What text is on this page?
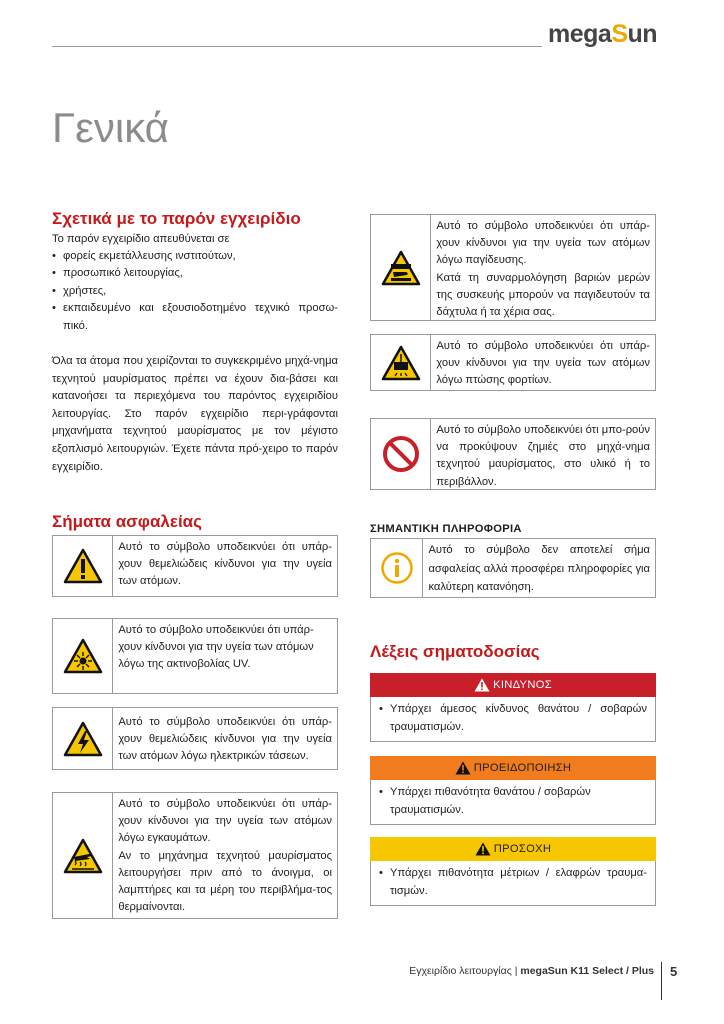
megaSun
Γενικά
Σχετικά με το παρόν εγχειρίδιο
Το παρόν εγχειρίδιο απευθύνεται σε
• φορείς εκμετάλλευσης ινστιτούτων,
• προσωπικό λειτουργίας,
• χρήστες,
• εκπαιδευμένο και εξουσιοδοτημένο τεχνικό προσω-πικό.
Όλα τα άτομα που χειρίζονται το συγκεκριμένο μηχά-νημα τεχνητού μαυρίσματος πρέπει να έχουν δια-βάσει και κατανοήσει τα περιεχόμενα του παρόντος εγχειριδίου λειτουργίας. Στο παρόν εγχειρίδιο περι-γράφονται μηχανήματα τεχνητού μαυρίσματος με τον μέγιστο εξοπλισμό λειτουργιών. Έχετε πάντα πρό-χειρο το παρόν εγχειρίδιο.
Σήματα ασφαλείας
Αυτό το σύμβολο υποδεικνύει ότι υπάρ-χουν θεμελιώδεις κίνδυνοι για την υγεία των ατόμων.
Αυτό το σύμβολο υποδεικνύει ότι υπάρ-χουν κίνδυνοι για την υγεία των ατόμων λόγω της ακτινοβολίας UV.
Αυτό το σύμβολο υποδεικνύει ότι υπάρ-χουν θεμελιώδεις κίνδυνοι για την υγεία των ατόμων λόγω ηλεκτρικών τάσεων.
Αυτό το σύμβολο υποδεικνύει ότι υπάρ-χουν κίνδυνοι για την υγεία των ατόμων λόγω εγκαυμάτων.
Αν το μηχάνημα τεχνητού μαυρίσματος λειτουργήσει πριν από το άνοιγμα, οι λαμπτήρες και τα μέρη του περιβλήμα-τος θερμαίνονται.
Αυτό το σύμβολο υποδεικνύει ότι υπάρ-χουν κίνδυνοι για την υγεία των ατόμων λόγω παγίδευσης.
Κατά τη συναρμολόγηση βαριών μερών της συσκευής μπορούν να παγιδευτούν τα δάχτυλα ή τα χέρια σας.
Αυτό το σύμβολο υποδεικνύει ότι υπάρ-χουν κίνδυνοι για την υγεία των ατόμων λόγω πτώσης φορτίων.
Αυτό το σύμβολο υποδεικνύει ότι μπο-ρούν να προκύψουν ζημιές στο μηχά-νημα τεχνητού μαυρίσματος, στο υλικό ή το περιβάλλον.
ΣΗΜΑΝΤΙΚΗ ΠΛΗΡΟΦΟΡΙΑ
Αυτό το σύμβολο δεν αποτελεί σήμα ασφαλείας αλλά προσφέρει πληροφορίες για καλύτερη κατανόηση.
Λέξεις σηματοδοσίας
ΚΙΝΔΥΝΟΣ
• Υπάρχει άμεσος κίνδυνος θανάτου / σοβαρών τραυματισμών.
ΠΡΟΕΙΔΟΠΟΙΗΣΗ
• Υπάρχει πιθανότητα θανάτου / σοβαρών τραυματισμών.
ΠΡΟΣΟΧΗ
• Υπάρχει πιθανότητα μέτριων / ελαφρών τραυμα-τισμών.
Εγχειρίδιο λειτουργίας | megaSun K11 Select / Plus 5
